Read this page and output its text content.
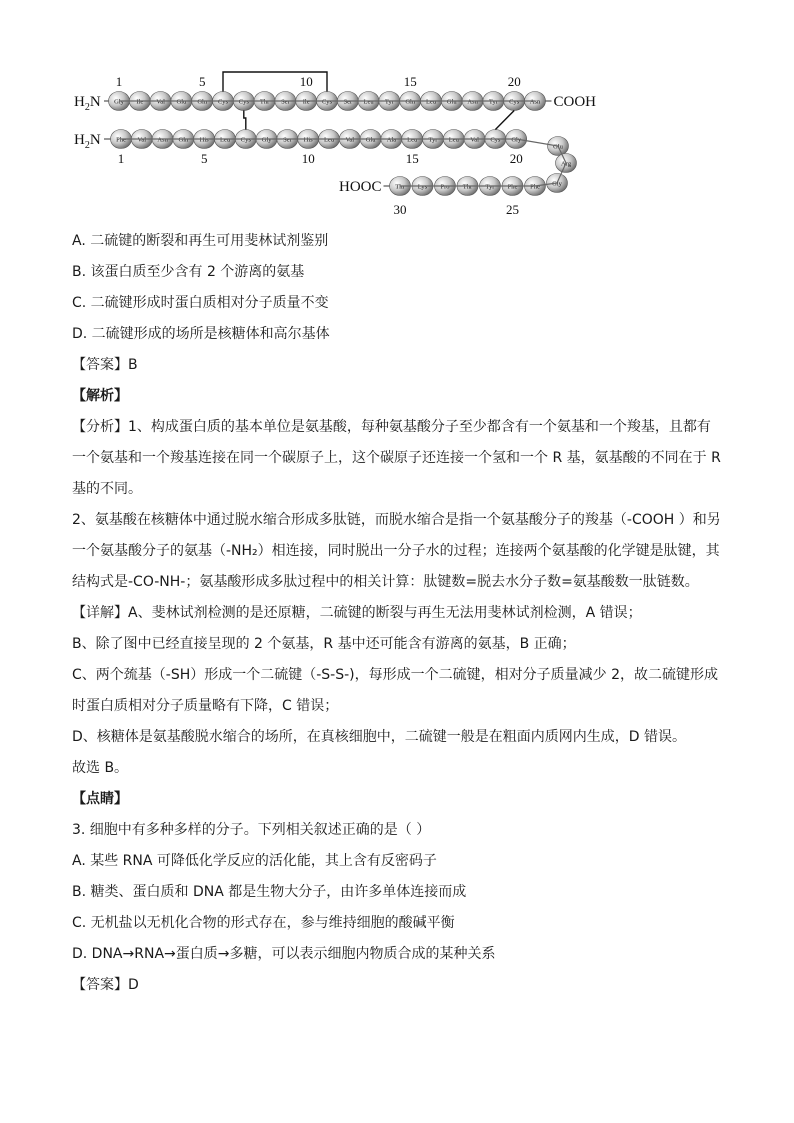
Gly Ile Val Glu Gln Cys Cys Thr Ser Ile Cys Ser Leu Tyr Gln Leu Glu Asn Tyr Cys Asn
Phe Val Asn Gln His Leu Cys Gly Ser His Leu Val Glu Ala Leu Tyr Leu Val Cys Gly
Glu
Arg
Gly
Phe
Phe
Tyr
Thr
Pro
Lys
Thr
$H_2N$
$H_2N$
COOH
HOOC
1	5	10	15	20
1	5	10	15	20
25
30
A. 二硫键的断裂和再生可用斐林试剂鉴别
B. 该蛋白质至少含有 2 个游离的氨基
C. 二硫键形成时蛋白质相对分子质量不变
D. 二硫键形成的场所是核糖体和高尔基体
【答案】B
【解析】
【分析】1、构成蛋白质的基本单位是氨基酸，每种氨基酸分子至少都含有一个氨基和一个羧基，且都有一个氨基和一个羧基连接在同一个碳原子上，这个碳原子还连接一个氢和一个 R 基，氨基酸的不同在于 R 基的不同。
2、氨基酸在核糖体中通过脱水缩合形成多肽链，而脱水缩合是指一个氨基酸分子的羧基（-COOH ）和另一个氨基酸分子的氨基（-NH₂）相连接，同时脱出一分子水的过程；连接两个氨基酸的化学键是肽键，其结构式是-CO-NH-；氨基酸形成多肽过程中的相关计算：肽键数=脱去水分子数=氨基酸数一肽链数。
【详解】A、斐林试剂检测的是还原糖，二硫键的断裂与再生无法用斐林试剂检测，A 错误；
B、除了图中已经直接呈现的 2 个氨基，R 基中还可能含有游离的氨基，B 正确；
C、两个巯基（-SH）形成一个二硫键（-S-S-)，每形成一个二硫键，相对分子质量减少 2，故二硫键形成时蛋白质相对分子质量略有下降，C 错误；
D、核糖体是氨基酸脱水缩合的场所，在真核细胞中，二硫键一般是在粗面内质网内生成，D 错误。
故选 B。
【点睛】
3. 细胞中有多种多样的分子。下列相关叙述正确的是（ ）
A. 某些 RNA 可降低化学反应的活化能，其上含有反密码子
B. 糖类、蛋白质和 DNA 都是生物大分子，由许多单体连接而成
C. 无机盐以无机化合物的形式存在，参与维持细胞的酸碱平衡
D. DNA→RNA→蛋白质→多糖，可以表示细胞内物质合成的某种关系
【答案】D
